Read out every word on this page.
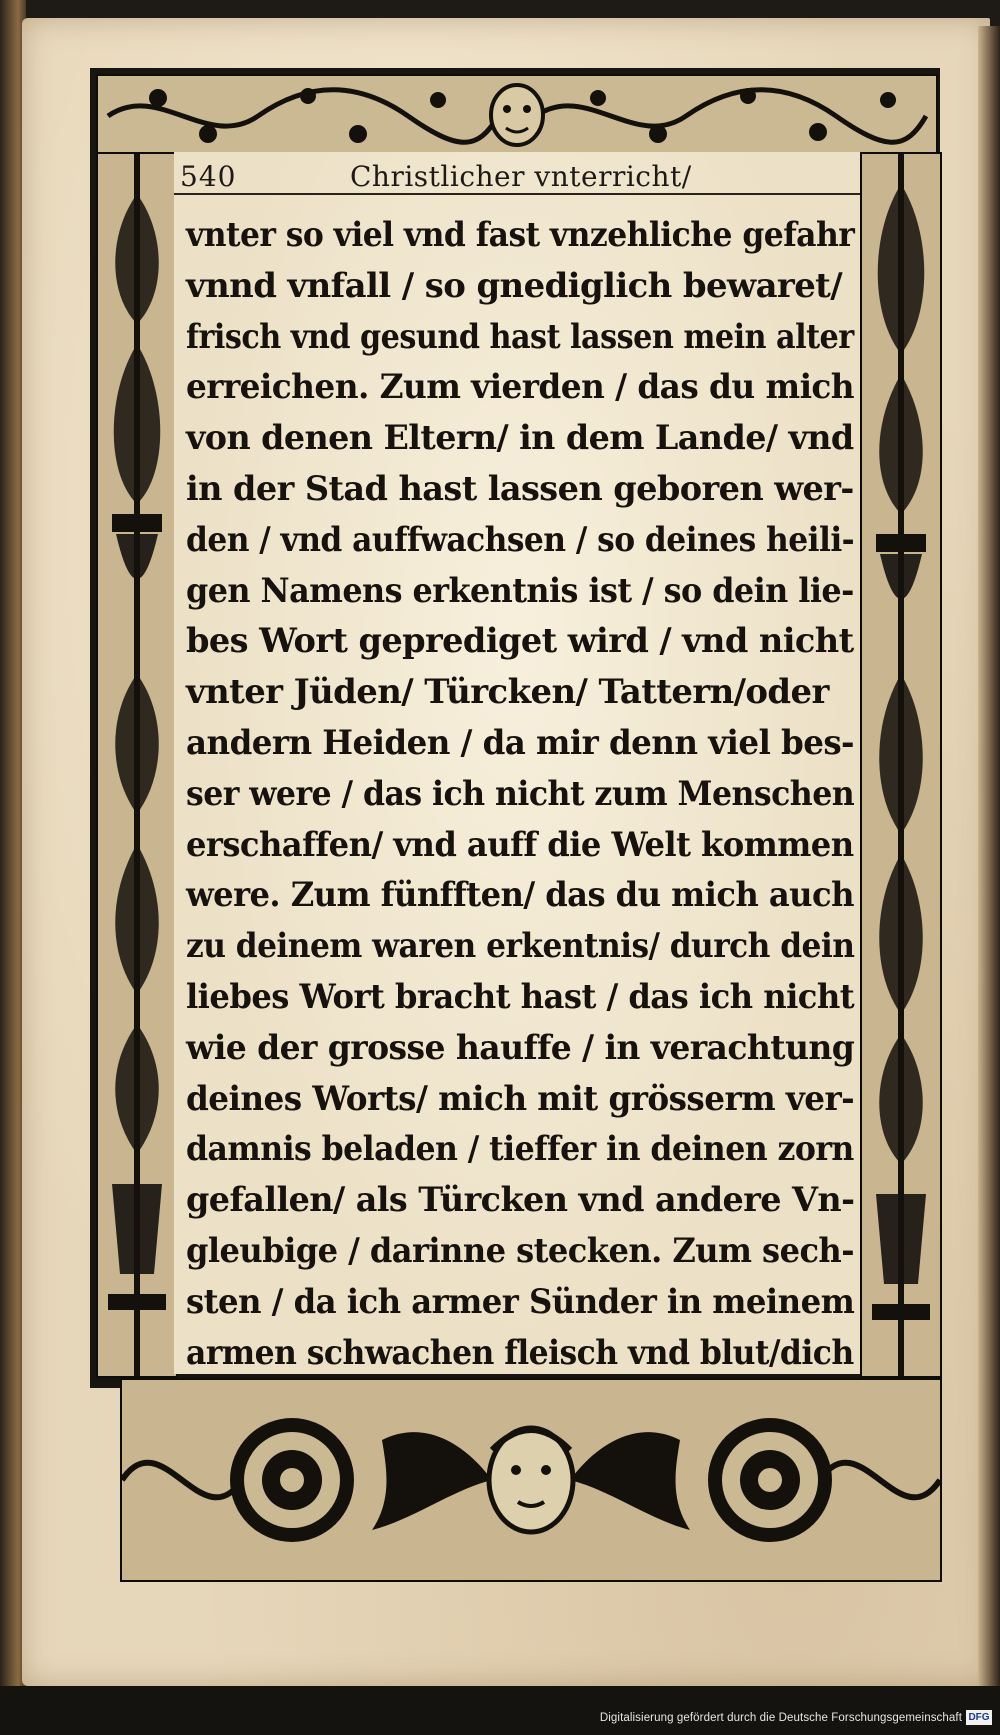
540	Christlicher vnterricht/
vnter so viel vnd fast vnzehliche gefahr
vnnd vnfall / so gnediglich bewaret/
frisch vnd gesund hast lassen mein alter
erreichen. Zum vierden / das du mich
von denen Eltern/ in dem Lande/ vnd
in der Stad hast lassen geboren wer-
den / vnd auffwachsen / so deines heili-
gen Namens erkentnis ist / so dein lie-
bes Wort geprediget wird / vnd nicht
vnter Jüden/ Türcken/ Tattern/oder
andern Heiden / da mir denn viel bes-
ser were / das ich nicht zum Menschen
erschaffen/ vnd auff die Welt kommen
were. Zum fünfften/ das du mich auch
zu deinem waren erkentnis/ durch dein
liebes Wort bracht hast / das ich nicht
wie der grosse hauffe / in verachtung
deines Worts/ mich mit grösserm ver-
damnis beladen / tieffer in deinen zorn
gefallen/ als Türcken vnd andere Vn-
gleubige / darinne stecken. Zum sech-
sten / da ich armer Sünder in meinem
armen schwachen fleisch vnd blut/dich
Digitalisierung gefördert durch die Deutsche Forschungsgemeinschaft DFG
